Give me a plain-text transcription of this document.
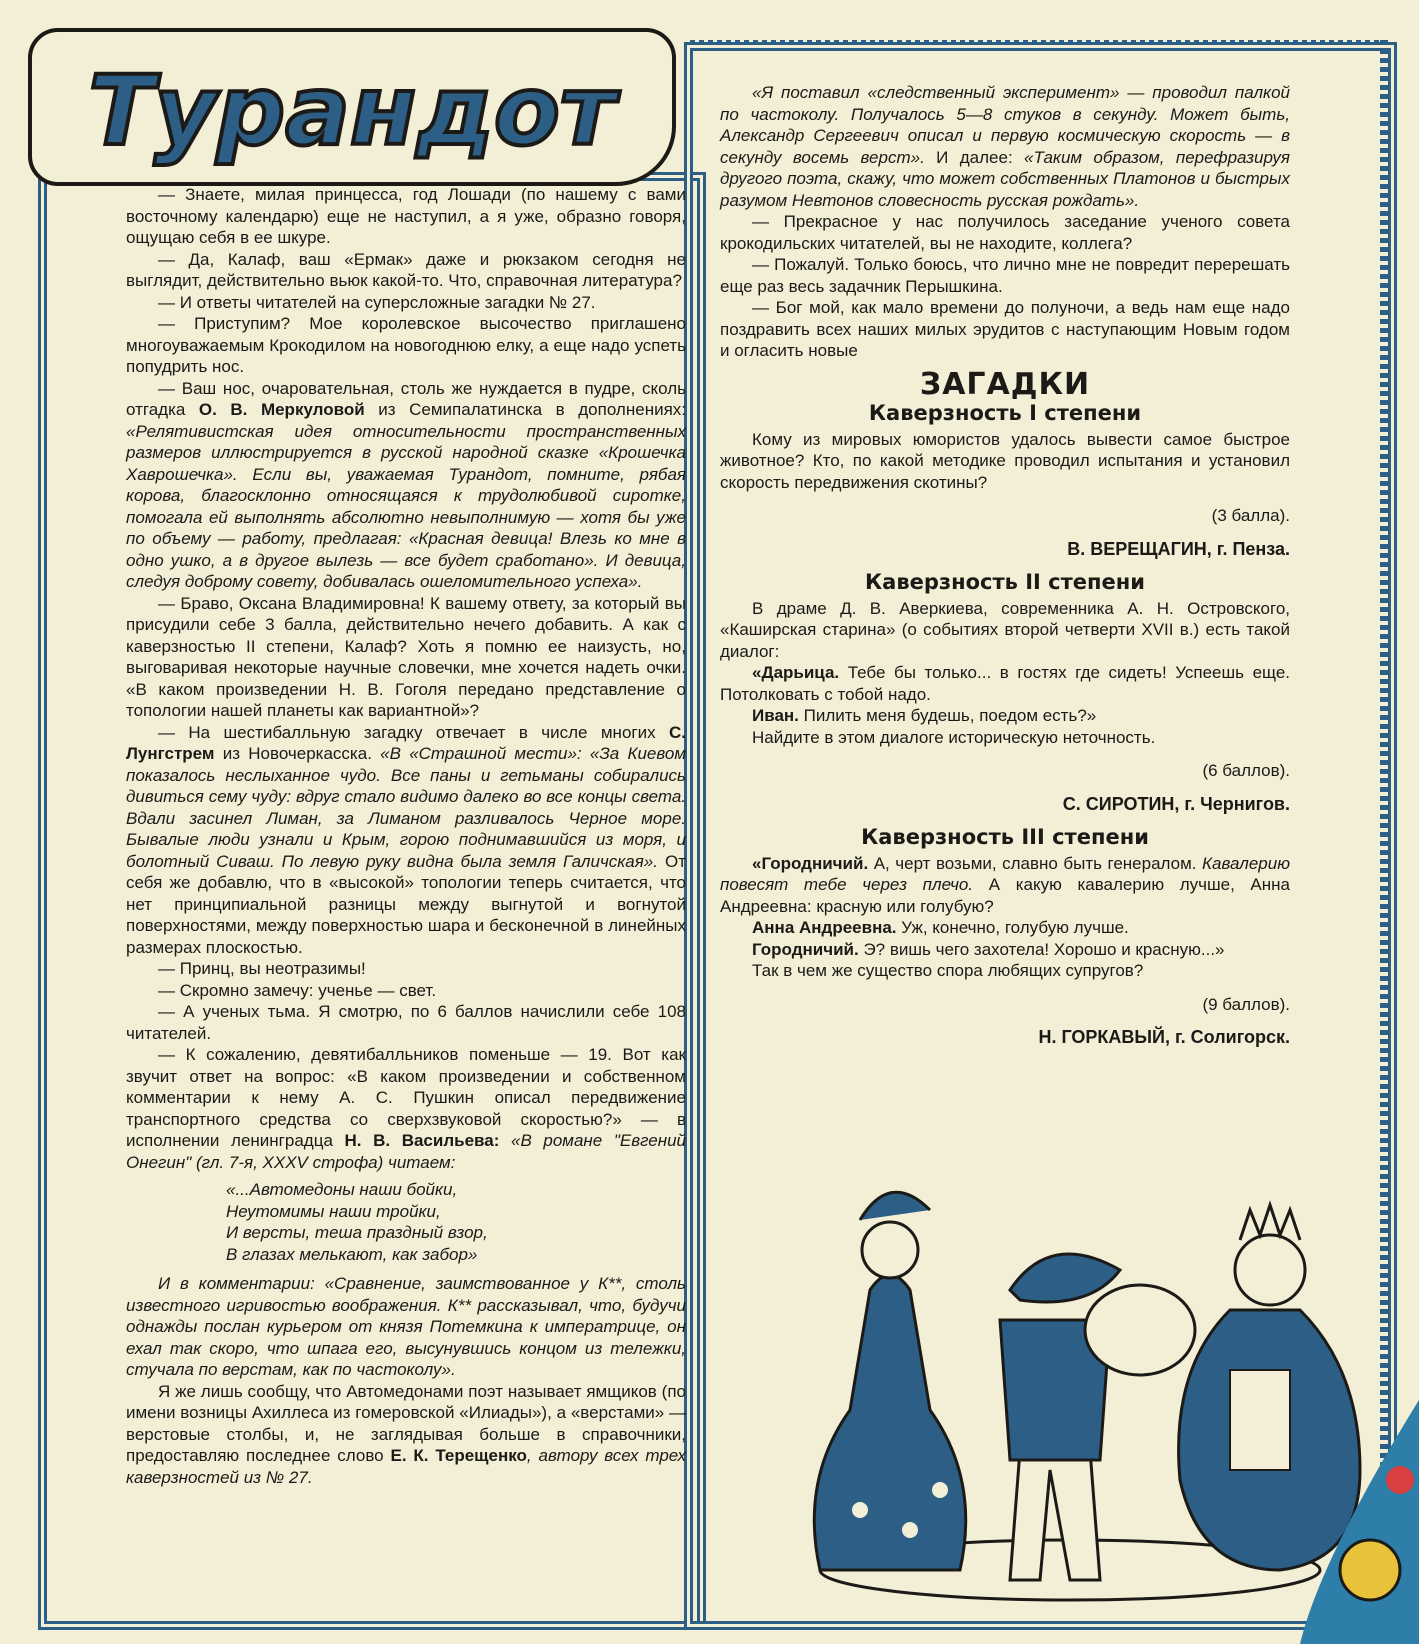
Турандот

— Знаете, милая принцесса, год Лошади (по нашему с вами восточному календарю) еще не наступил, а я уже, образно говоря, ощущаю себя в ее шкуре.

— Да, Калаф, ваш «Ермак» даже и рюкзаком сегодня не выглядит, действительно вьюк какой-то. Что, справочная литература?

— И ответы читателей на суперсложные загадки № 27.

— Приступим? Мое королевское высочество приглашено многоуважаемым Крокодилом на новогоднюю елку, а еще надо успеть попудрить нос.

— Ваш нос, очаровательная, столь же нуждается в пудре, сколь отгадка О. В. Меркуловой из Семипалатинска в дополнениях: «Релятивистская идея относительности пространственных размеров иллюстрируется в русской народной сказке «Крошечка Хаврошечка». Если вы, уважаемая Турандот, помните, рябая корова, благосклонно относящаяся к трудолюбивой сиротке, помогала ей выполнять абсолютно невыполнимую — хотя бы уже по объему — работу, предлагая: «Красная девица! Влезь ко мне в одно ушко, а в другое вылезь — все будет сработано». И девица, следуя доброму совету, добивалась ошеломительного успеха».

— Браво, Оксана Владимировна! К вашему ответу, за который вы присудили себе 3 балла, действительно нечего добавить. А как с каверзностью II степени, Калаф? Хоть я помню ее наизусть, но, выговаривая некоторые научные словечки, мне хочется надеть очки. «В каком произведении Н. В. Гоголя передано представление о топологии нашей планеты как вариантной»?

— На шестибалльную загадку отвечает в числе многих С. Лунгстрем из Новочеркасска. «В «Страшной мести»: «За Киевом показалось неслыханное чудо. Все паны и гетьманы собирались дивиться сему чуду: вдруг стало видимо далеко во все концы света. Вдали засинел Лиман, за Лиманом разливалось Черное море. Бывалые люди узнали и Крым, горою поднимавшийся из моря, и болотный Сиваш. По левую руку видна была земля Галичская». От себя же добавлю, что в «высокой» топологии теперь считается, что нет принципиальной разницы между выгнутой и вогнутой поверхностями, между поверхностью шара и бесконечной в линейных размерах плоскостью.

— Принц, вы неотразимы!

— Скромно замечу: ученье — свет.

— А ученых тьма. Я смотрю, по 6 баллов начислили себе 108 читателей.

— К сожалению, девятибалльников поменьше — 19. Вот как звучит ответ на вопрос: «В каком произведении и собственном комментарии к нему А. С. Пушкин описал передвижение транспортного средства со сверхзвуковой скоростью?» — в исполнении ленинградца Н. В. Васильева: «В романе "Евгений Онегин" (гл. 7-я, XXXV строфа) читаем:

«...Автомедоны наши бойки,
Неутомимы наши тройки,
И версты, теша праздный взор,
В глазах мелькают, как забор»

И в комментарии: «Сравнение, заимствованное у К**, столь известного игривостью воображения. К** рассказывал, что, будучи однажды послан курьером от князя Потемкина к императрице, он ехал так скоро, что шпага его, высунувшись концом из тележки, стучала по верстам, как по частоколу».

Я же лишь сообщу, что Автомедонами поэт называет ямщиков (по имени возницы Ахиллеса из гомеровской «Илиады»), а «верстами» — верстовые столбы, и, не заглядывая больше в справочники, предоставляю последнее слово Е. К. Терещенко, автору всех трех каверзностей из № 27.

«Я поставил «следственный эксперимент» — проводил палкой по частоколу. Получалось 5—8 стуков в секунду. Может быть, Александр Сергеевич описал и первую космическую скорость — в секунду восемь верст». И далее: «Таким образом, перефразируя другого поэта, скажу, что может собственных Платонов и быстрых разумом Невтонов словесность русская рождать».

— Прекрасное у нас получилось заседание ученого совета крокодильских читателей, вы не находите, коллега?

— Пожалуй. Только боюсь, что лично мне не повредит перерешать еще раз весь задачник Перышкина.

— Бог мой, как мало времени до полуночи, а ведь нам еще надо поздравить всех наших милых эрудитов с наступающим Новым годом и огласить новые

ЗАГАДКИ
Каверзность I степени

Кому из мировых юмористов удалось вывести самое быстрое животное? Кто, по какой методике проводил испытания и установил скорость передвижения скотины?

(3 балла).
В. ВЕРЕЩАГИН, г. Пенза.
Каверзность II степени

В драме Д. В. Аверкиева, современника А. Н. Островского, «Каширская старина» (о событиях второй четверти XVII в.) есть такой диалог:

«Дарьица. Тебе бы только... в гостях где сидеть! Успеешь еще. Потолковать с тобой надо.

Иван. Пилить меня будешь, поедом есть?»

Найдите в этом диалоге историческую неточность.

(6 баллов).
С. СИРОТИН, г. Чернигов.
Каверзность III степени

«Городничий. А, черт возьми, славно быть генералом. Кавалерию повесят тебе через плечо. А какую кавалерию лучше, Анна Андреевна: красную или голубую?

Анна Андреевна. Уж, конечно, голубую лучше.

Городничий. Э? вишь чего захотела! Хорошо и красную...»

Так в чем же существо спора любящих супругов?

(9 баллов).
Н. ГОРКАВЫЙ, г. Солигорск.
